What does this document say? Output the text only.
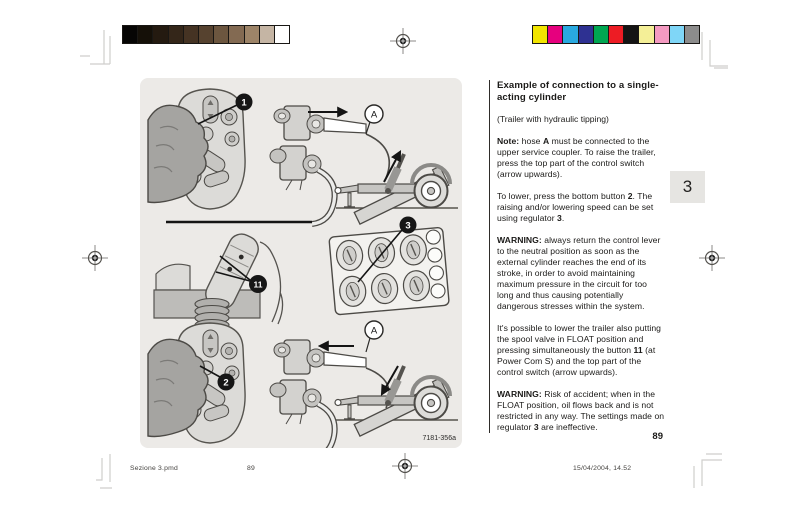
1
A
11
3
2
A
7181-356a
Example of connection to a single-acting cylinder

(Trailer with hydraulic tipping)

Note: hose A must be connected to the upper service coupler. To raise the trailer, press the top part of the control switch (arrow upwards).

To lower, press the bottom button 2. The raising and/or lowering speed can be set using regulator 3.

WARNING: always return the control lever to the neutral position as soon as the external cylinder reaches the end of its stroke, in order to avoid maintaining maximum pressure in the circuit for too long and thus causing potentially dangerous stresses within the system.

It's possible to lower the trailer also putting the spool valve in FLOAT position and pressing simultaneously the button 11 (at Power Com S) and the top part of the control switch (arrow upwards).

WARNING: Risk of accident; when in the FLOAT position, oil flows back and is not restricted in any way. The settings made on regulator 3 are ineffective.

89
3
Sezione 3.pmd	89	15/04/2004, 14.52
